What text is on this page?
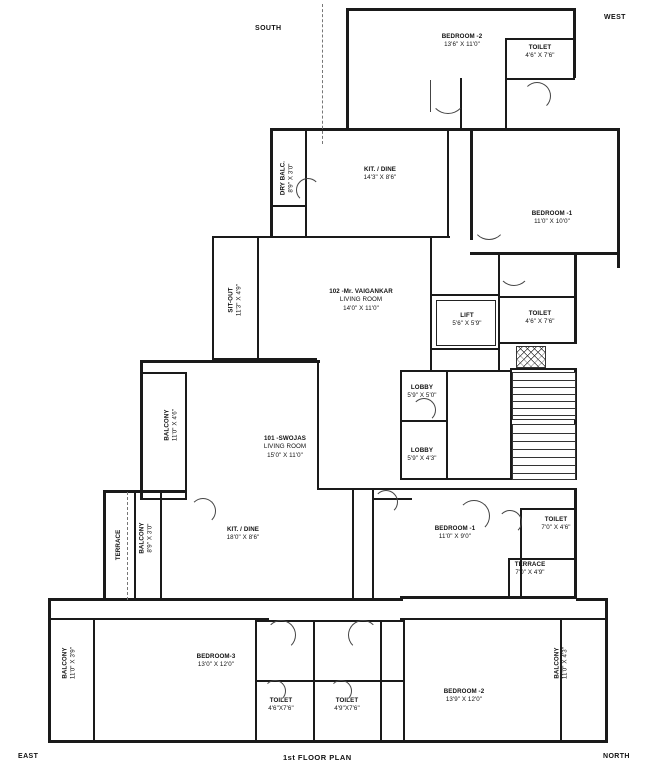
SOUTH
WEST
EAST	NORTH
1st FLOOR PLAN
BEDROOM -2
13'6" X 11'0"	TOILET
4'6" X 7'6"
KIT. / DINE
14'3" X 8'6"
DRY BALC. 8'9" X 3'0"
BEDROOM -1
11'0" X 10'0"
SIT-OUT 11'3" X 4'9"	102 -Mr. VAIGANKAR
LIVING ROOM
14'0" X 11'0"
LIFT
5'6" X 5'9"
TOILET
4'6" X 7'6"
LOBBY
5'9" X 5'0"
LOBBY
5'9" X 4'3"
BALCONY 11'0" X 4'6"	101 -SWOJAS
LIVING ROOM
15'0" X 11'0"
KIT. / DINE
18'0" X 8'6"
TERRACE	BALCONY 8'9" X 3'0"	BEDROOM -1
11'0" X 9'0"
TOILET
7'0" X 4'6"
TERRACE
7'0" X 4'9"
BALCONY 11'0" X 3'9"	BEDROOM-3
13'0" X 12'0"
TOILET
4'6"X7'6"
TOILET
4'9"X7'6"
BEDROOM -2
13'9" X 12'0"
BALCONY 11'0" X 4'3"
